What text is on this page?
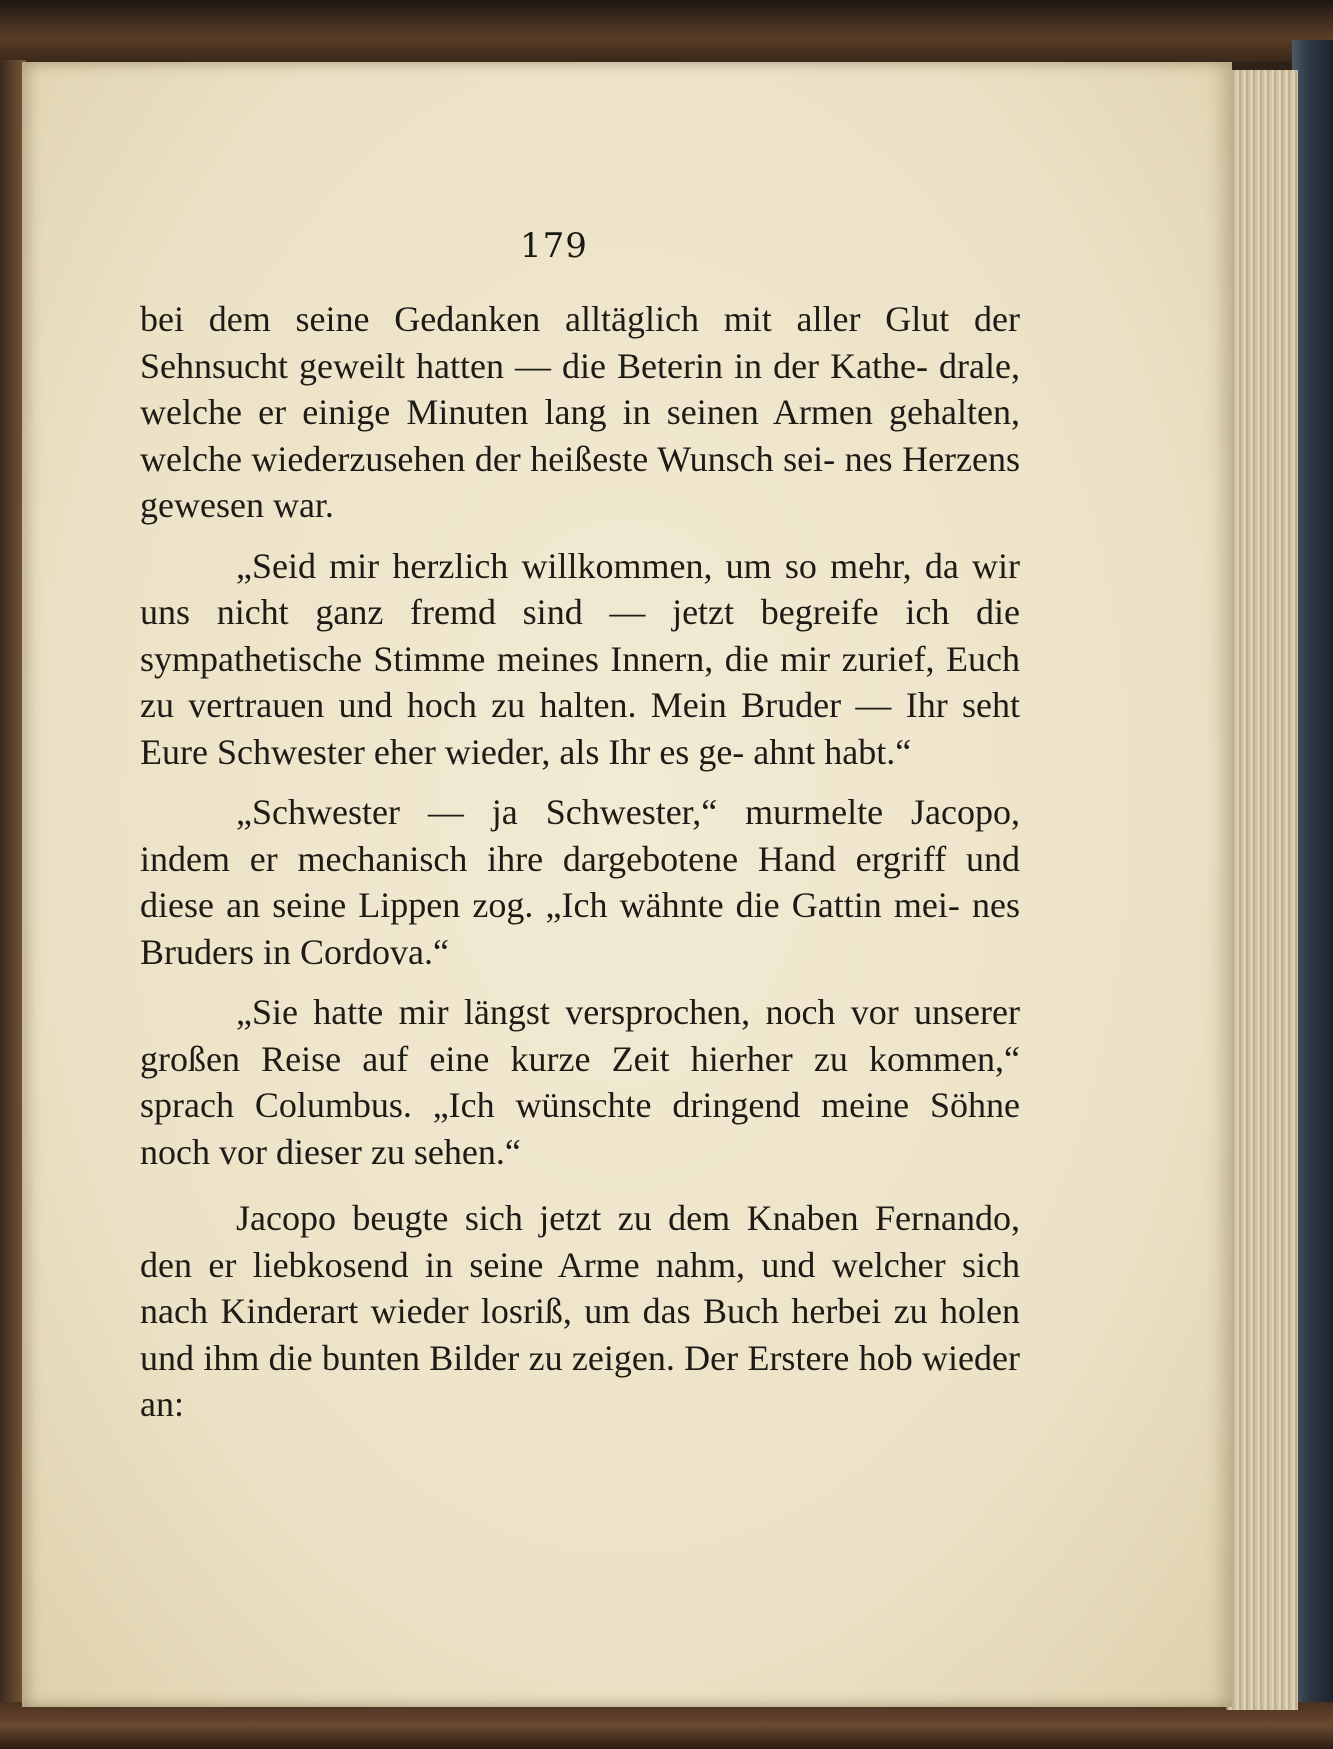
179

bei dem seine Gedanken alltäglich mit aller Glut der Sehnsucht geweilt hatten — die Beterin in der Kathe- drale, welche er einige Minuten lang in seinen Armen gehalten, welche wiederzusehen der heißeste Wunsch sei- nes Herzens gewesen war.

„Seid mir herzlich willkommen, um so mehr, da wir uns nicht ganz fremd sind — jetzt begreife ich die sympathetische Stimme meines Innern, die mir zurief, Euch zu vertrauen und hoch zu halten. Mein Bruder — Ihr seht Eure Schwester eher wieder, als Ihr es ge- ahnt habt.“

„Schwester — ja Schwester,“ murmelte Jacopo, indem er mechanisch ihre dargebotene Hand ergriff und diese an seine Lippen zog. „Ich wähnte die Gattin mei- nes Bruders in Cordova.“

„Sie hatte mir längst versprochen, noch vor unserer großen Reise auf eine kurze Zeit hierher zu kommen,“ sprach Columbus. „Ich wünschte dringend meine Söhne noch vor dieser zu sehen.“

Jacopo beugte sich jetzt zu dem Knaben Fernando, den er liebkosend in seine Arme nahm, und welcher sich nach Kinderart wieder losriß, um das Buch herbei zu holen und ihm die bunten Bilder zu zeigen. Der Erstere hob wieder an:
